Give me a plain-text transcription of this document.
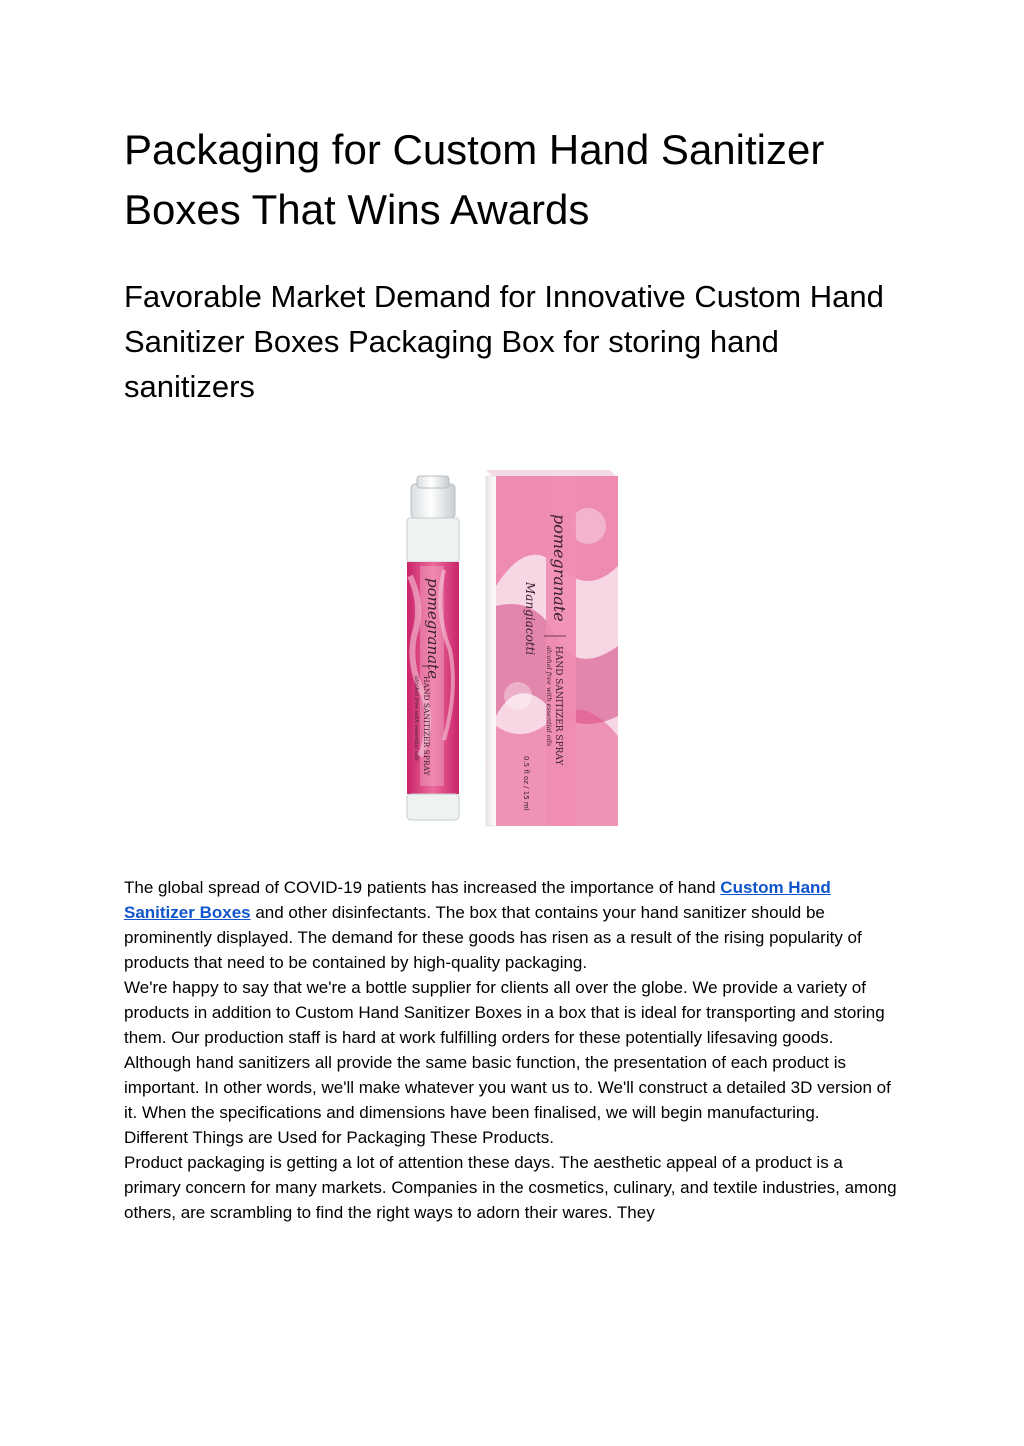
Packaging for Custom Hand Sanitizer Boxes That Wins Awards
Favorable Market Demand for Innovative Custom Hand Sanitizer Boxes Packaging Box for storing hand sanitizers
pomegranate
HAND SANITIZER SPRAY
alcohol free with essential oils
pomegranate
HAND SANITIZER SPRAY
alcohol free with essential oils
Mangiacotti
0.5 fl oz / 15 ml

The global spread of COVID-19 patients has increased the importance of hand Custom Hand Sanitizer Boxes and other disinfectants. The box that contains your hand sanitizer should be prominently displayed. The demand for these goods has risen as a result of the rising popularity of products that need to be contained by high-quality packaging.

We're happy to say that we're a bottle supplier for clients all over the globe. We provide a variety of products in addition to Custom Hand Sanitizer Boxes in a box that is ideal for transporting and storing them. Our production staff is hard at work fulfilling orders for these potentially lifesaving goods.

Although hand sanitizers all provide the same basic function, the presentation of each product is important. In other words, we'll make whatever you want us to. We'll construct a detailed 3D version of it. When the specifications and dimensions have been finalised, we will begin manufacturing.

Different Things are Used for Packaging These Products.

Product packaging is getting a lot of attention these days. The aesthetic appeal of a product is a primary concern for many markets. Companies in the cosmetics, culinary, and textile industries, among others, are scrambling to find the right ways to adorn their wares. They
